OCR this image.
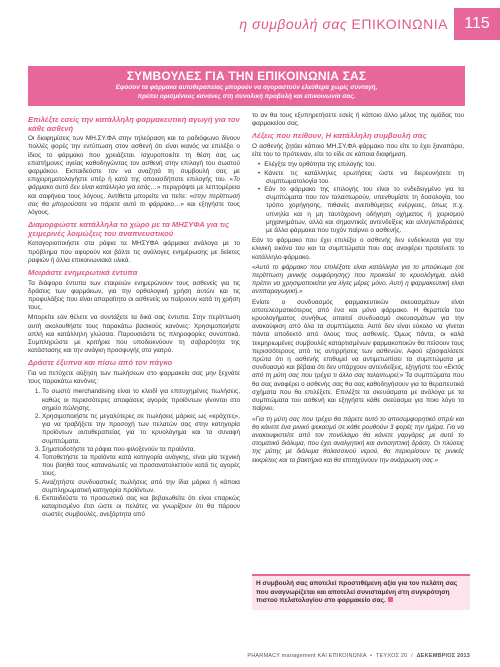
η συμβουλή σας ΕΠΙΚΟΙΝΩΝΙΑ	115
ΣΥΜΒΟΥΛΕΣ ΓΙΑ ΤΗΝ ΕΠΙΚΟΙΝΩΝΙΑ ΣΑΣ

Εφόσον τα φάρμακα αυτοθεραπείας μπορούν να αγοραστούν ελεύθερα χωρίς συνταγή,

πρέπει ορισμένους κανόνες στη συνολική προβολή και επικοινωνία σας.

Επιλέξτε εσείς την κατάλληλη φαρμακευτική αγωγή για τον κάθε ασθενή

Οι διαφημίσεις των ΜΗ.ΣΥ.ΦΑ στην τηλεόραση και το ραδιόφωνο δίνουν πολλές φορές την εντύπωση στον ασθενή ότι είναι ικανός να επιλέξει ο ίδιος το φάρμακο που χρειάζεται. Ισχυροποιείτε τη θέση σας ως επιστήμονες υγείας καθοδηγώντας τον ασθενή στην επιλογή του σωστού φαρμάκου. Εκπαιδεύστε τον να αναζητά τη συμβουλή σας με επιχειρηματολογήστε υπέρ ή κατά της οποιασδήποτε επιλογής του. «Το φάρμακο αυτό δεν είναι κατάλληλο για εσάς…» περιγράψτε με λεπτομέρεια και σαφήνεια τους λόγους. Αντίθετα μπορείτε να πείτε: «στην περίπτωσή σας θα μπορούσατε να πάρετε αυτό το φάρμακο…» και εξηγήστε τους λόγους.

Διαμορφώστε κατάλληλα το χώρο με τα ΜΗΣΥΦΑ για τις χειμερινές λοιμώξεις του αναπνευστικού

Καταγοριοποιήστε στα ράφια τα ΜΗΣΥΦΑ φάρμακα ανάλογα με το πρόβλημα που αφορούν και βάλτε τις ανάλογες ενημέρωσης με δείκτες ραφιών ή άλλα επικοινωνιακά υλικά.

Μοιράστε ενημερωτικά έντυπα

Τα διάφορα έντυπα των εταιρειών ενημερώνουν τους ασθενείς για τις δράσεις των φαρμάκων, για την ορθολογική χρήση αυτών και τις προφυλάξεις που είναι απαραίτητο οι ασθενείς να παίρνουν κατά τη χρήση τους.

Μπορείτε εάν θέλετε να συντάξετε τα δικά σας έντυπα. Στην περίπτωση αυτή ακολουθήστε τους παρακάτω βασικούς κανόνες: Χρησιμοποιήστε απλή και κατάλληλη γλώσσα. Παρουσιάστε τις πληροφορίες συνοπτικά. Συμπληρώστε με κριτήρια που υποδεικνύουν τη σοβαρότητα της κατάστασης και την ανάγκη προσφυγής στο γιατρό.

Δράστε έξυπνα και πίσω από τον πάγκο

Για να πετύχετε αύξηση των πωλήσεων στο φαρμακείο σας μην ξεχνάτε τους παρακάτω κανόνες:

1. Το σωστό merchandising είναι το κλειδί για επιτυχημένες πωλήσεις, καθώς οι περισσότερες αποφάσεις αγοράς προϊόντων γίνονται στο σημείο πώλησης.
2. Χρησιμοποιήστε τις μεγαλύτερες σε πωλήσεις μάρκες ως «κράχτες», για να τραβήξετε την προσοχή των πελατών σας στην κατηγορία προϊόντων αυτοθεραπείας για το κρυολόγημα και τα συναφή συμπτώματα.
3. Σηματοδοτήστε τα ράφια που φιλοξενούν τα προϊόντα.
4. Τοποθετήστε τα προϊόντα κατά κατηγορία ανάγκης, είναι μία τεχνική που βοηθά τους καταναλωτές να προσανατολιστούν κατά τις αγορές τους.
5. Αναζητήστε συνδυαστικές πωλήσεις από την ίδια μάρκα ή κάποια συμπληρωματική κατηγορία προϊόντων.
6. Εκπαιδεύστε το προσωπικό σας και βεβαιωθείτε ότι είναι επαρκώς καταρτισμένο έτσι ώστε οι πελάτες να γνωρίζουν ότι θα πάρουν σωστές συμβουλές, ανεξάρτητα από

το αν θα τους εξυπηρετήσετε εσείς ή κάποιο άλλο μέλος της ομάδας του φαρμακείου σας.

Λέξεις που πείθουν, Η κατάλληλη συμβουλή σας

Ο ασθενής ζητάει κάποιο ΜΗ.ΣΥ.ΦΑ φάρμακο που είτε το έχει ξαναπάρει, είτε του το πρότειναν, είτε το είδε σε κάποια διαφήμιση.

• Ελέγξτε την ορθότητα της επιλογής του.
• Κάνετε τις κατάλληλες ερωτήσεις ώστε να διερευνήσετε τη συμπτωματολογία του.
• Εάν το φάρμακο της επιλογής του είναι το ενδεδειγμένο για τα συμπτώματα που τον ταλαιπωρούν, υπενθυμίστε τη δοσολογία, τον τρόπο χορήγησης, πιθανές ανεπιθύμητες ενέργειες, όπως π.χ. υπνηλία και η μη ταυτόχρονη οδήγηση οχήματος ή χειρισμού μηχανημάτων, αλλά και σημαντικές αντενδείξεις και αλληλεπιδράσεις με άλλα φάρμακα που τυχόν παίρνει ο ασθενής.

Εάν το φάρμακο που έχει επιλέξει ο ασθενής δεν ενδείκνυται για την κλινική εικόνα του και τα συμπτώματα που σας αναφέρει προτείνετε το κατάλληλο φάρμακο.

«Αυτό το φάρμακο που επιλέξατε είναι κατάλληλο για το μπούκωμα (σε περίπτωση ρινικής συμφόρησης) που προκαλεί το κρυολόγημα, αλλά πρέπει να χρησιμοποιείται για λίγες μέρες μόνο. Αυτή η φαρμακευτική είναι αντιπαραγωγική.»

Ενίοτε ο συνδυασμός φαρμακευτικών σκευασμάτων είναι αποτελεσματικότερος από ένα και μόνο φάρμακο. Η θεραπεία του κρυολογήματος συνήθως απαιτεί συνδυασμό σκευασμάτων για την ανακούφιση από όλα τα συμπτώματα. Αυτό δεν είναι εύκολο να γίνεται πάντα αποδεκτό από όλους τους ασθενείς. Όμως πάντα, οι καλά τεκμηριωμένες συμβουλές καταρτισμένων φαρμακοποιών θα πείσουν τους περισσότερους από τις αντιρρήσεις των ασθενών. Αφού εξασφαλίσετε πρώτα ότι η ασθενής επιθυμεί να αντιμετωπίσει τα συμπτώματα με συνδυασμό και βέβαια ότι δεν υπάρχουν αντενδείξεις, εξηγήστε του «Εκτός από τη μύτη σας που τρέχει τι άλλο σας ταλαιπωρεί;» Τα συμπτώματα που θα σας αναφέρει ο ασθενής σας θα σας καθοδηγήσουν για τα θεραπευτικά σχήματα που θα επιλέξετε. Επιλέξτε τα σκευάσματα με ανάλογα με τα συμπτώματα του ασθενή και εξηγήστε κάθε σκεύασμα για ποιο λόγο το παίρνει.

«Για τη μύτη σας που τρέχει θα πάρετε αυτό το αποσυμφορητικό σπρέι και θα κάνετε ένα ρινικό ψεκασμό σε κάθε ρουθούνι 3 φορές την ημέρα. Για να ανακουφιστείτε από τον πονόλαιμο θα κάνετε γαργάρες με αυτό το στοματικό διάλυμα, που έχει αναλγητική και αντισηπτική δράση. Οι πλύσεις της μύτης με διάλυμα θαλασσινού νερού, θα περιορίσουν τις ρινικές εκκρίσεις και τα βακτήρια και θα επιταχύνουν την ανάρρωση σας.»

Η συμβουλή σας αποτελεί προστιθέμενη αξία για τον πελάτη σας που αναγνωρίζεται και αποτελεί συνισταμένη στη συγκρότηση πιστού πελατολογίου στο φαρμακείο σας.
PHARMACY management ΚΑΙ ΕΠΙΚΟΙΝΩΝΙΑ • ΤΕΥΧΟΣ 20 / ΔΕΚΕΜΒΡΙΟΣ 2013
